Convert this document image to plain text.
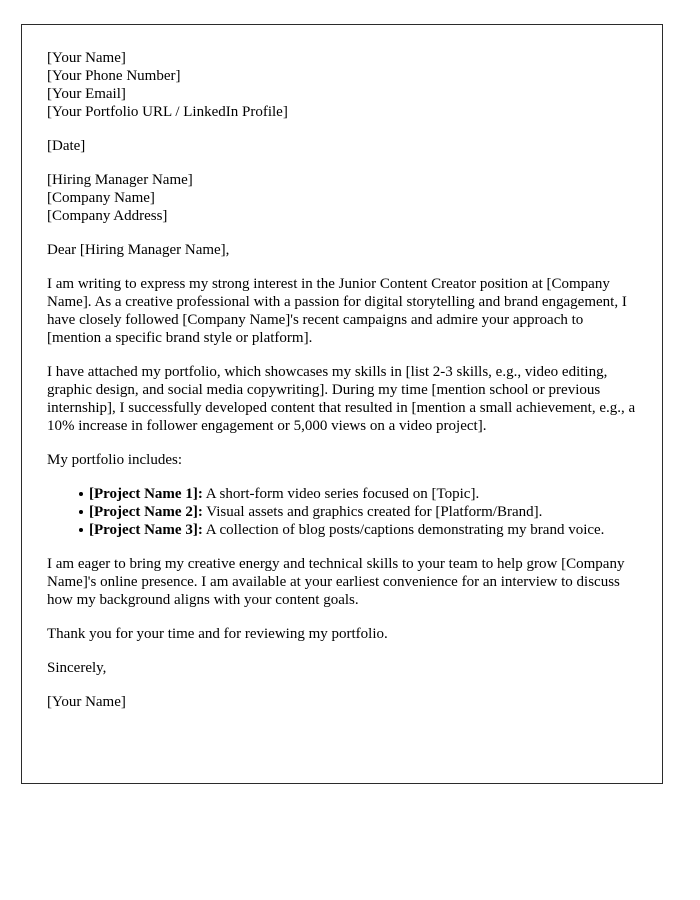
[Your Name]
[Your Phone Number]
[Your Email]
[Your Portfolio URL / LinkedIn Profile]
[Date]
[Hiring Manager Name]
[Company Name]
[Company Address]

Dear [Hiring Manager Name],

I am writing to express my strong interest in the Junior Content Creator position at [Company Name]. As a creative professional with a passion for digital storytelling and brand engagement, I have closely followed [Company Name]'s recent campaigns and admire your approach to [mention a specific brand style or platform].

I have attached my portfolio, which showcases my skills in [list 2-3 skills, e.g., video editing, graphic design, and social media copywriting]. During my time [mention school or previous internship], I successfully developed content that resulted in [mention a small achievement, e.g., a 10% increase in follower engagement or 5,000 views on a video project].

My portfolio includes:

[Project Name 1]: A short-form video series focused on [Topic].
[Project Name 2]: Visual assets and graphics created for [Platform/Brand].
[Project Name 3]: A collection of blog posts/captions demonstrating my brand voice.

I am eager to bring my creative energy and technical skills to your team to help grow [Company Name]'s online presence. I am available at your earliest convenience for an interview to discuss how my background aligns with your content goals.

Thank you for your time and for reviewing my portfolio.

Sincerely,

[Your Name]
